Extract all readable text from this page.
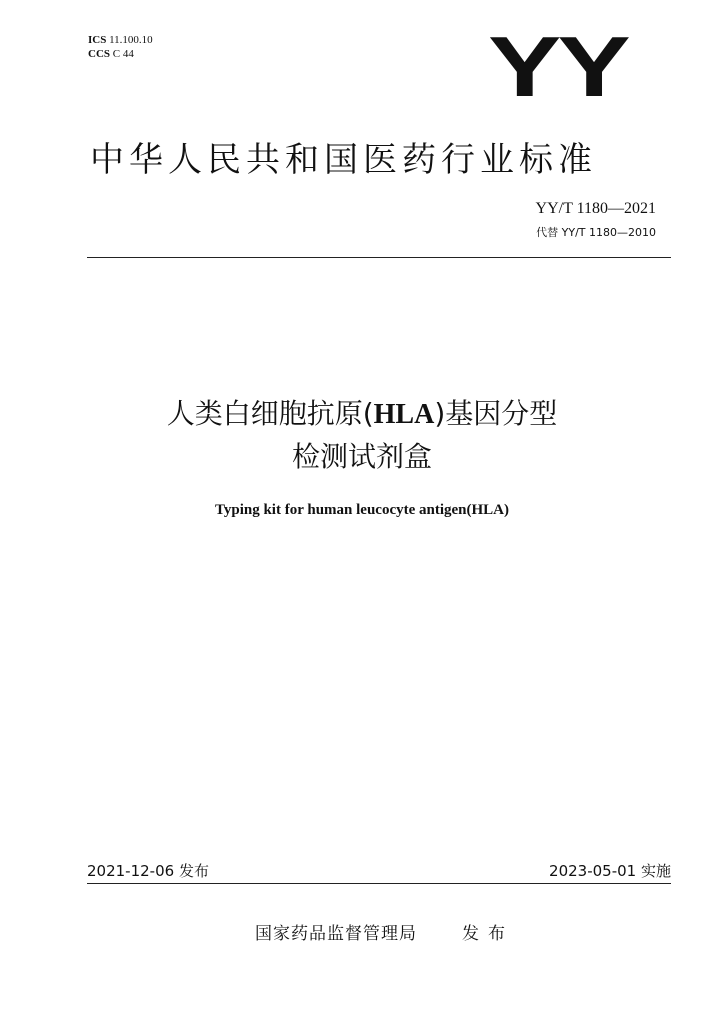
ICS 11.100.10
CCS C 44	YY
中华人民共和国医药行业标准
YY/T 1180—2021
代替 YY/T 1180—2010
人类白细胞抗原(HLA)基因分型
检测试剂盒
Typing kit for human leucocyte antigen(HLA)
2021-12-06 发布	2023-05-01 实施
国家药品监督管理局	发布
